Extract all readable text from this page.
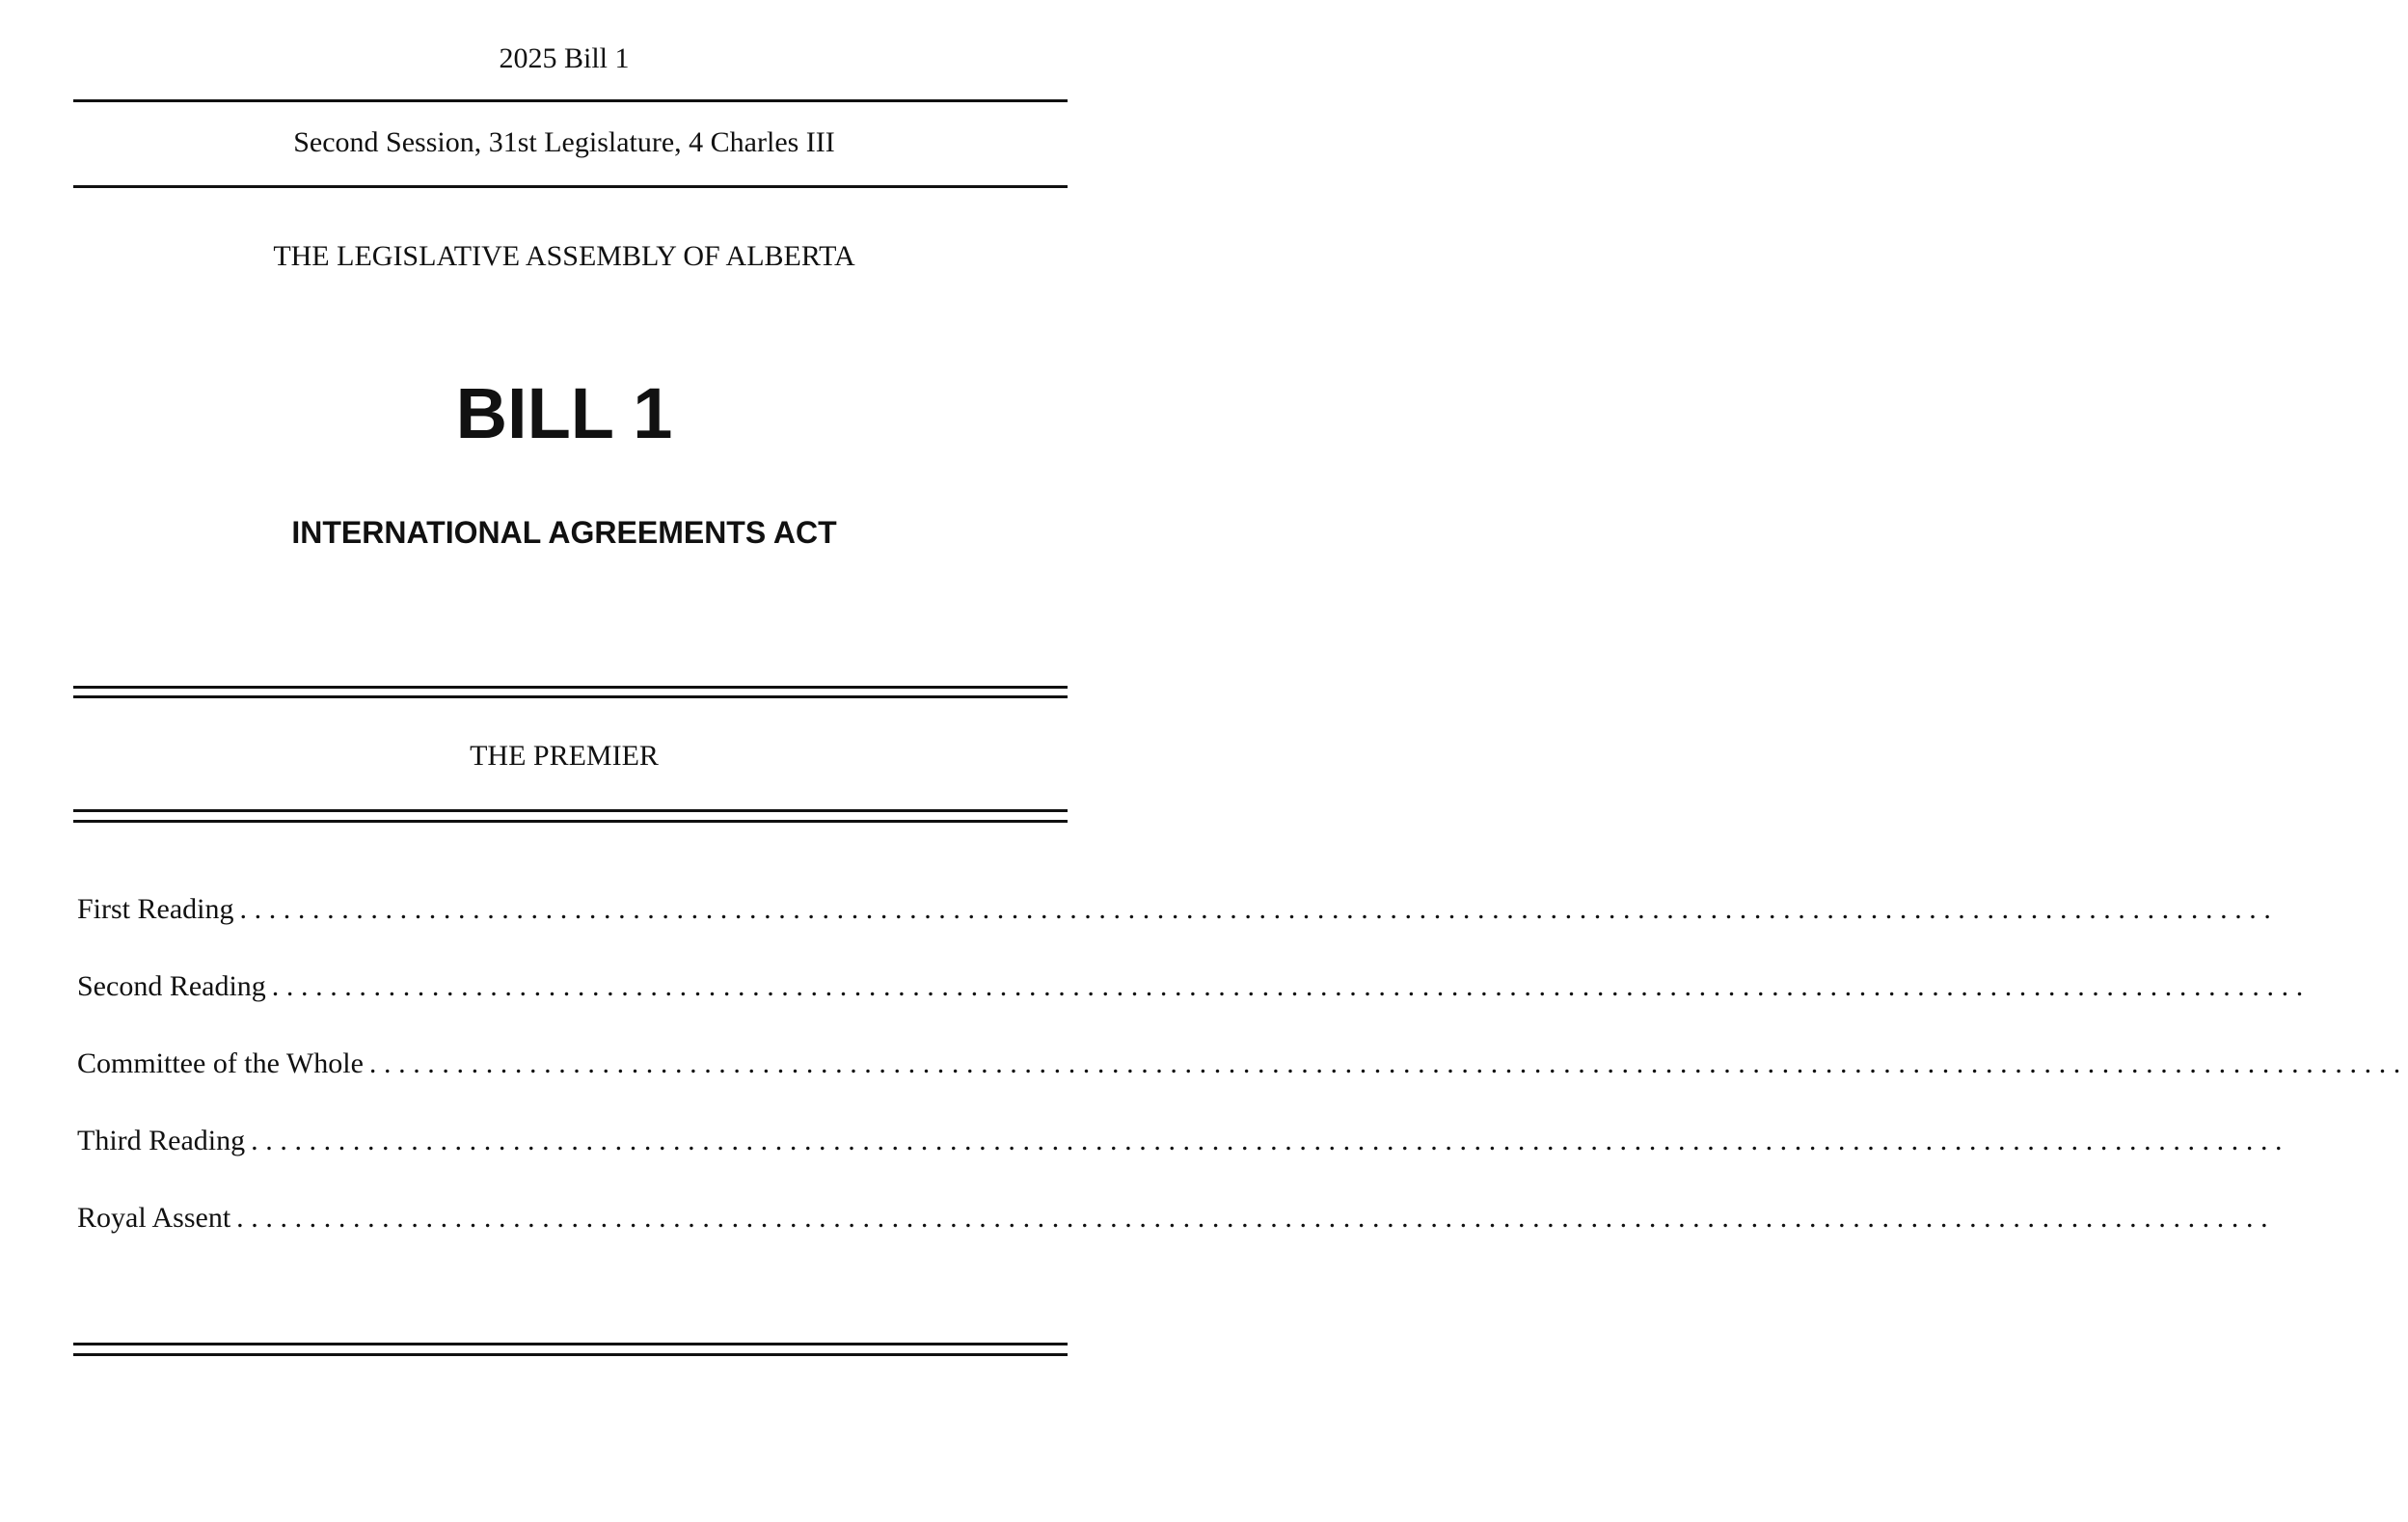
2025 Bill 1
Second Session, 31st Legislature, 4 Charles III
THE LEGISLATIVE ASSEMBLY OF ALBERTA
BILL 1
INTERNATIONAL AGREEMENTS ACT
THE PREMIER
First Reading ............................................................................................................................................
Second Reading ............................................................................................................................................
Committee of the Whole ............................................................................................................................................
Third Reading ............................................................................................................................................
Royal Assent ............................................................................................................................................
